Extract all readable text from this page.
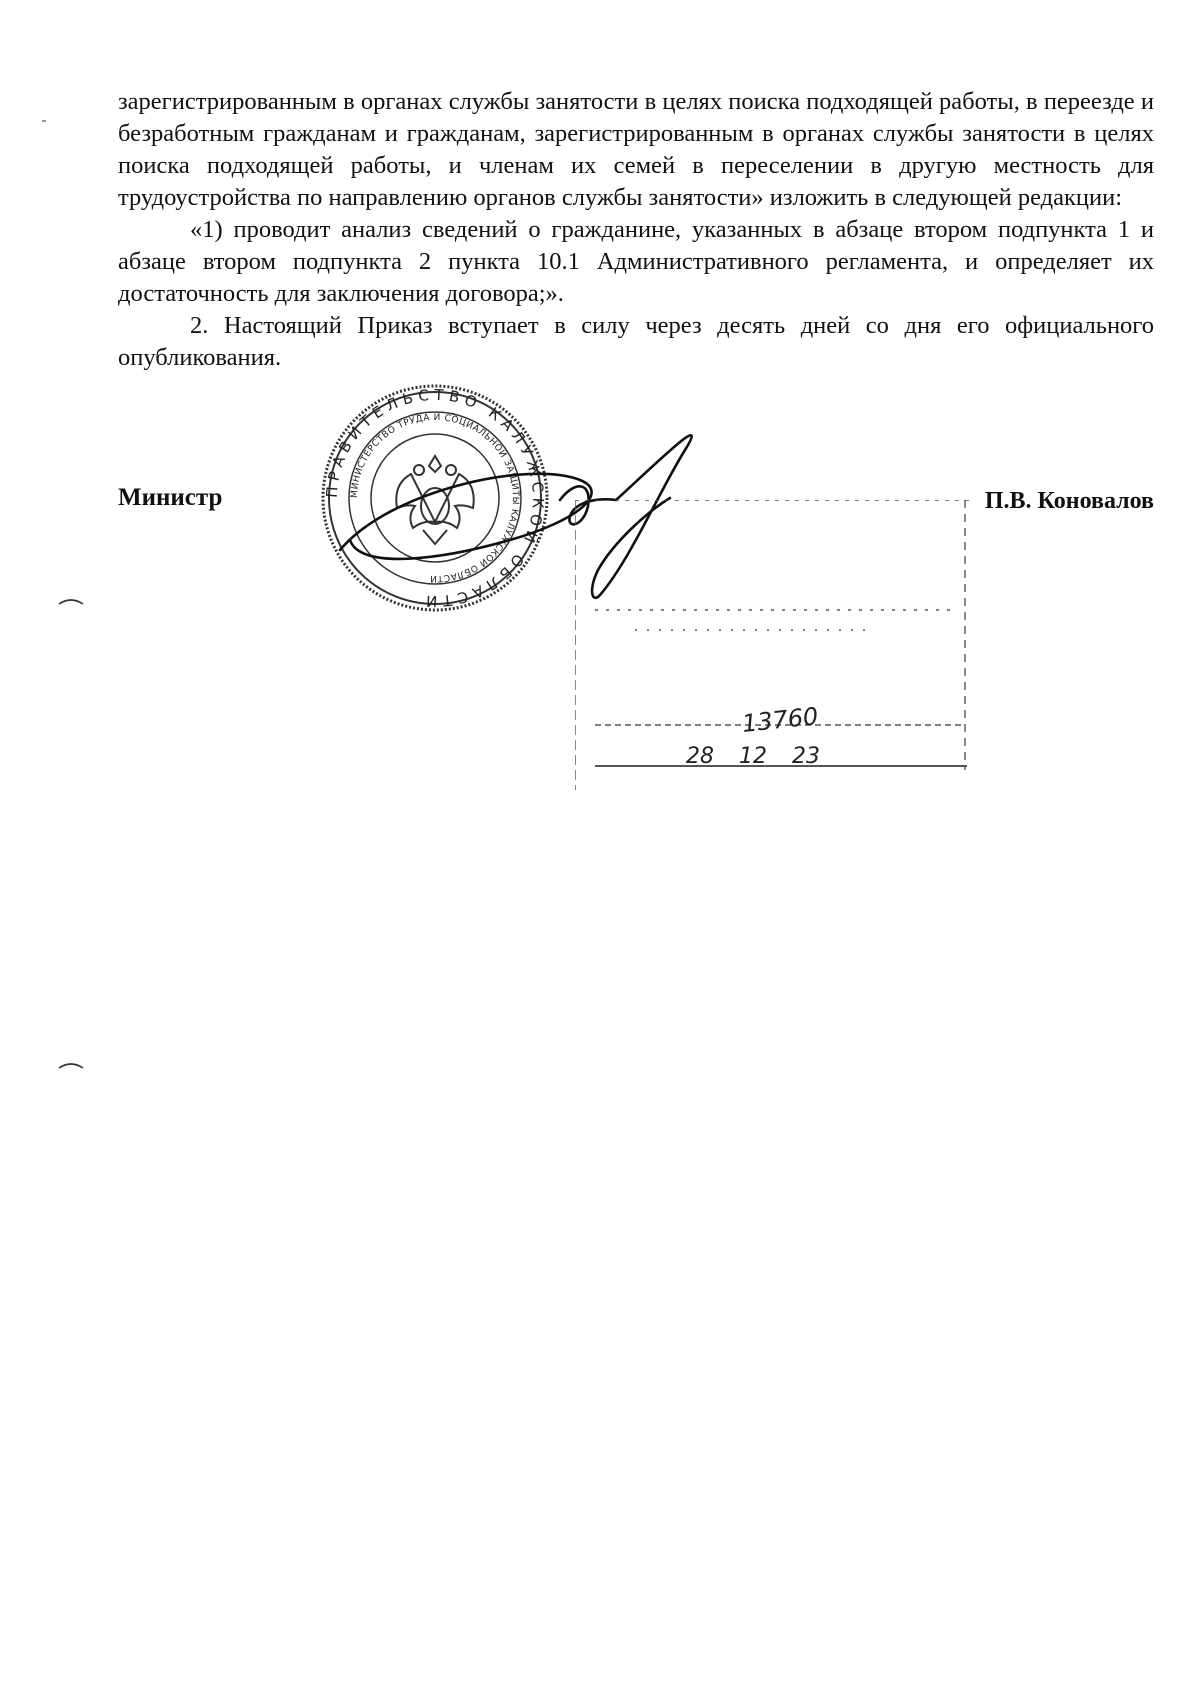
зарегистрированным в органах службы занятости в целях поиска подходящей работы, в переезде и безработным гражданам и гражданам, зарегистрированным в органах службы занятости в целях поиска подходящей работы, и членам их семей в переселении в другую местность для трудоустройства по направлению органов службы занятости» изложить в следующей редакции:

«1) проводит анализ сведений о гражданине, указанных в абзаце втором подпункта 1 и абзаце втором подпункта 2 пункта 10.1 Административного регламента, и определяет их достаточность для заключения договора;».

2. Настоящий Приказ вступает в силу через десять дней со дня его официального опубликования.

ПРАВИТЕЛЬСТВО КАЛУЖСКОЙ ОБЛАСТИ
МИНИСТЕРСТВО ТРУДА И СОЦИАЛЬНОЙ ЗАЩИТЫ КАЛУЖСКОЙ ОБЛАСТИ
13760
28 12 23
Министр	П.В. Коновалов
